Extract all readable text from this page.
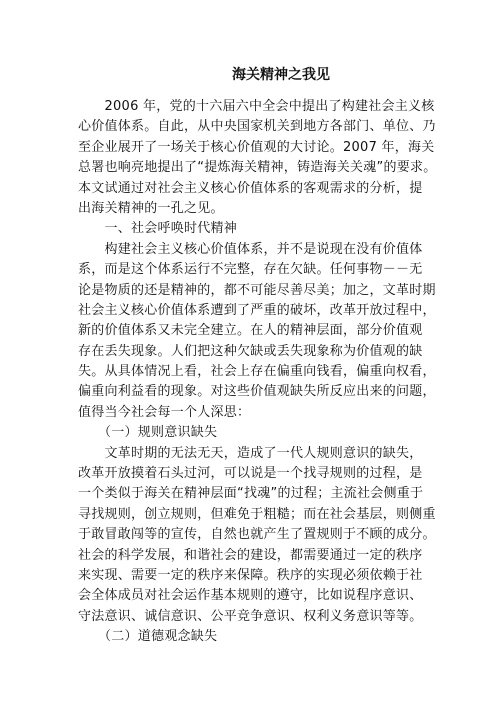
海关精神之我见
　　2006 年，党的十六届六中全会中提出了构建社会主义核
心价值体系。自此，从中央国家机关到地方各部门、单位、乃
至企业展开了一场关于核心价值观的大讨论。2007 年，海关
总署也响亮地提出了“提炼海关精神，铸造海关关魂”的要求。
本文试通过对社会主义核心价值体系的客观需求的分析，提
出海关精神的一孔之见。
　　一、社会呼唤时代精神
　　构建社会主义核心价值体系，并不是说现在没有价值体
系，而是这个体系运行不完整，存在欠缺。任何事物－－无
论是物质的还是精神的，都不可能尽善尽美；加之，文革时期
社会主义核心价值体系遭到了严重的破坏，改革开放过程中，
新的价值体系又未完全建立。在人的精神层面，部分价值观
存在丢失现象。人们把这种欠缺或丢失现象称为价值观的缺
失。从具体情况上看，社会上存在偏重向钱看，偏重向权看，
偏重向利益看的现象。对这些价值观缺失所反应出来的问题，
值得当今社会每一个人深思：
　　（一）规则意识缺失
　　文革时期的无法无天，造成了一代人规则意识的缺失，
改革开放摸着石头过河，可以说是一个找寻规则的过程，是
一个类似于海关在精神层面“找魂”的过程；主流社会侧重于
寻找规则，创立规则，但难免于粗糙；而在社会基层，则侧重
于敢冒敢闯等的宣传，自然也就产生了置规则于不顾的成分。
社会的科学发展，和谐社会的建设，都需要通过一定的秩序
来实现、需要一定的秩序来保障。秩序的实现必须依赖于社
会全体成员对社会运作基本规则的遵守，比如说程序意识、
守法意识、诚信意识、公平竞争意识、权利义务意识等等。
　　（二）道德观念缺失
